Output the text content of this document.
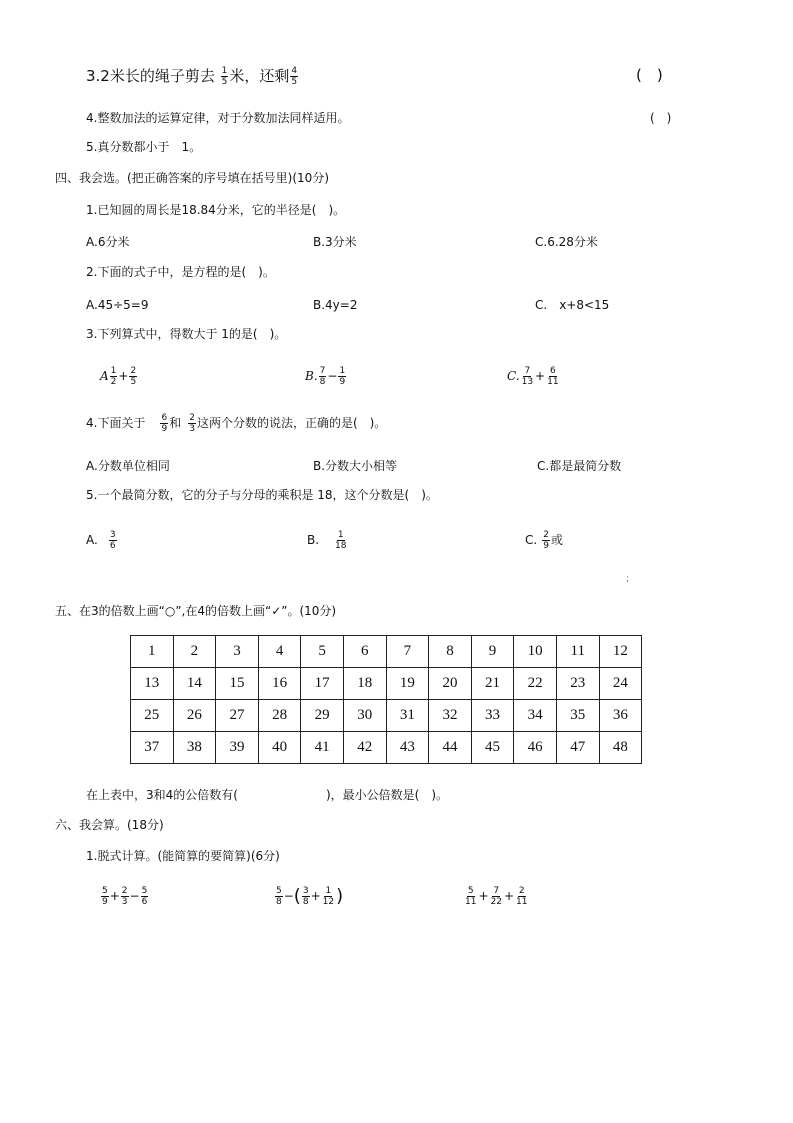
3.2米长的绳子剪去 $\frac{1}{5}$ 米，还剩 $\frac{4}{5}$	(　)
4.整数加法的运算定律，对于分数加法同样适用。	(　)
5.真分数都小于　1。
四、我会选。(把正确答案的序号填在括号里)(10分)
1.已知圆的周长是18.84分米，它的半径是(　)。
A.6分米	B.3分米	C.6.28分米
2.下面的式子中，是方程的是(　)。
A.45÷5=9	B.4y=2	C.　x+8<15
3.下列算式中，得数大于 1的是(　)。
A $\frac{1}{2} + \frac{2}{5}$	B. $\frac{7}{8} - \frac{1}{9}$	C. $\frac{7}{13} + \frac{6}{11}$
4.下面关于 $\frac{6}{9}$ 和 $\frac{2}{3}$ 这两个分数的说法，正确的是(　)。
A.分数单位相同	B.分数大小相等	C.都是最简分数
5.一个最简分数，它的分子与分母的乘积是 18，这个分数是(　)。
A. $\frac{3}{6}$	B. $\frac{1}{18}$	C. $\frac{2}{9}$ 或
;
五、在3的倍数上画“○”,在4的倍数上画“✓”。(10分)
1	2	3	4	5	6	7	8	9	10	11	12
13	14	15	16	17	18	19	20	21	22	23	24
25	26	27	28	29	30	31	32	33	34	35	36
37	38	39	40	41	42	43	44	45	46	47	48
在上表中，3和4的公倍数有(	)，最小公倍数是(　)。
六、我会算。(18分)
1.脱式计算。(能简算的要简算)(6分)
$\frac{5}{9} + \frac{2}{3} - \frac{5}{6}$	$\frac{5}{8}$ −( $\frac{3}{8} + \frac{1}{12}$ )	$\frac{5}{11} + \frac{7}{22} + \frac{2}{11}$
